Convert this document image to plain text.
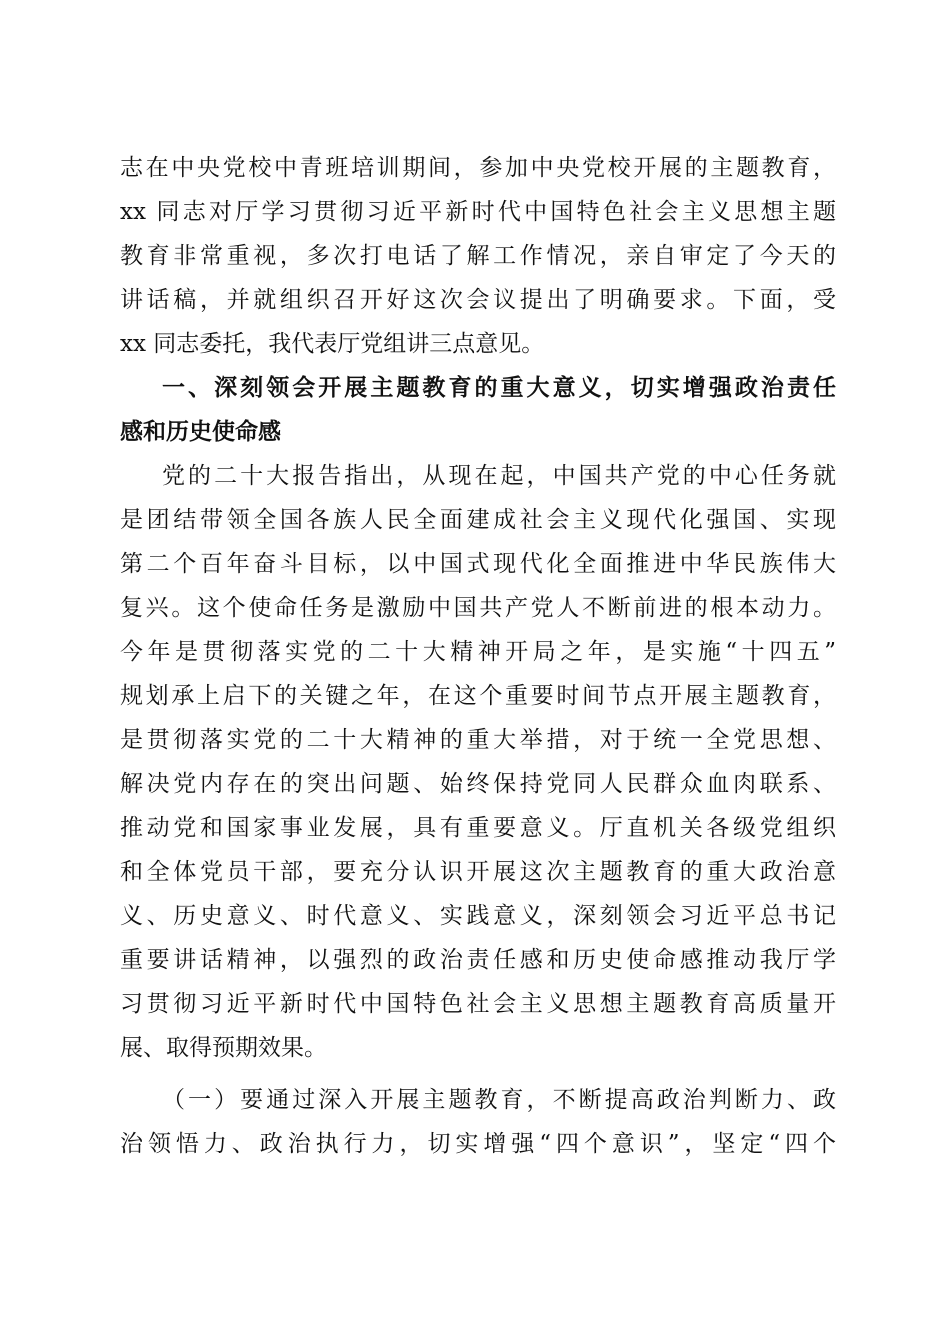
志在中央党校中青班培训期间，参加中央党校开展的主题教育，
xx 同志对厅学习贯彻习近平新时代中国特色社会主义思想主题
教育非常重视，多次打电话了解工作情况，亲自审定了今天的
讲话稿，并就组织召开好这次会议提出了明确要求。下面，受
xx 同志委托，我代表厅党组讲三点意见。
一、深刻领会开展主题教育的重大意义，切实增强政治责任
感和历史使命感
党的二十大报告指出，从现在起，中国共产党的中心任务就
是团结带领全国各族人民全面建成社会主义现代化强国、实现
第二个百年奋斗目标，以中国式现代化全面推进中华民族伟大
复兴。这个使命任务是激励中国共产党人不断前进的根本动力。
今年是贯彻落实党的二十大精神开局之年，是实施“十四五”
规划承上启下的关键之年，在这个重要时间节点开展主题教育，
是贯彻落实党的二十大精神的重大举措，对于统一全党思想、
解决党内存在的突出问题、始终保持党同人民群众血肉联系、
推动党和国家事业发展，具有重要意义。厅直机关各级党组织
和全体党员干部，要充分认识开展这次主题教育的重大政治意
义、历史意义、时代意义、实践意义，深刻领会习近平总书记
重要讲话精神，以强烈的政治责任感和历史使命感推动我厅学
习贯彻习近平新时代中国特色社会主义思想主题教育高质量开
展、取得预期效果。
（一）要通过深入开展主题教育，不断提高政治判断力、政
治领悟力、政治执行力，切实增强“四个意识”，坚定“四个
